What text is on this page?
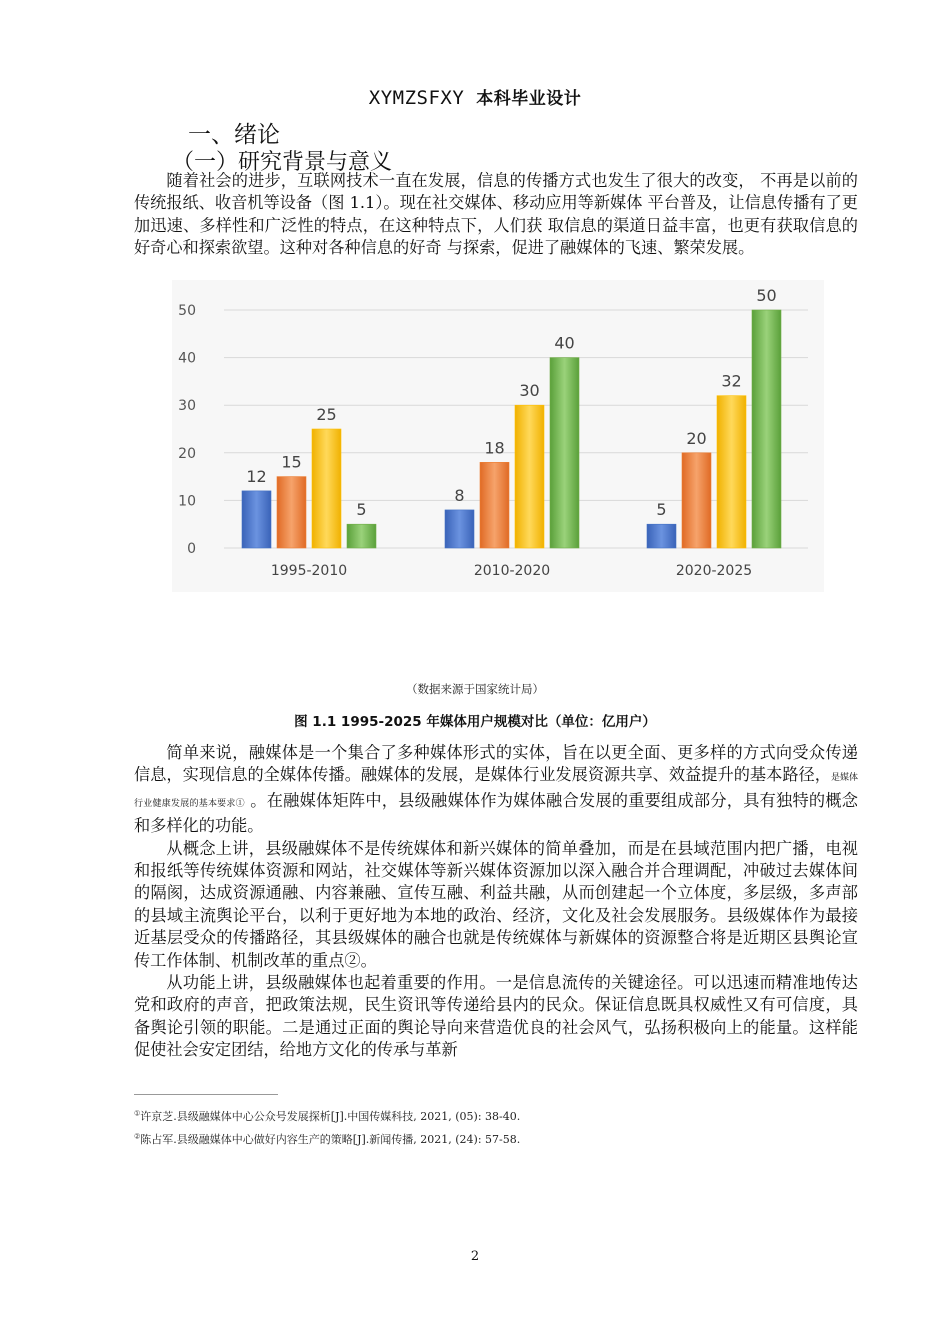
XYMZSFXY 本科毕业设计
一、绪论
（一）研究背景与意义

随着社会的进步，互联网技术一直在发展，信息的传播方式也发生了很大的改变， 不再是以前的传统报纸、收音机等设备（图 1.1）。现在社交媒体、移动应用等新媒体 平台普及，让信息传播有了更加迅速、多样性和广泛性的特点，在这种特点下，人们获 取信息的渠道日益丰富，也更有获取信息的好奇心和探索欲望。这种对各种信息的好奇 与探索，促进了融媒体的飞速、繁荣发展。

0
10
20
30
40
50
12
15
25
5
1995-2010
8
18
30
40
2010-2020
5
20
32
50
2020-2025
（数据来源于国家统计局）
图 1.1 1995-2025 年媒体用户规模对比（单位：亿用户）

简单来说，融媒体是一个集合了多种媒体形式的实体，旨在以更全面、更多样的方式向受众传递信息，实现信息的全媒体传播。融媒体的发展，是媒体行业发展资源共享、效益提升的基本路径，是媒体行业健康发展的基本要求① 。在融媒体矩阵中，县级融媒体作为媒体融合发展的重要组成部分，具有独特的概念和多样化的功能。

从概念上讲，县级融媒体不是传统媒体和新兴媒体的简单叠加，而是在县域范围内把广播，电视和报纸等传统媒体资源和网站，社交媒体等新兴媒体资源加以深入融合并合理调配，冲破过去媒体间的隔阂，达成资源通融、内容兼融、宣传互融、利益共融，从而创建起一个立体度，多层级，多声部的县域主流舆论平台，以利于更好地为本地的政治、经济，文化及社会发展服务。县级媒体作为最接近基层受众的传播路径，其县级媒体的融合也就是传统媒体与新媒体的资源整合将是近期区县舆论宣传工作体制、机制改革的重点②。

从功能上讲，县级融媒体也起着重要的作用。一是信息流传的关键途径。可以迅速而精准地传达党和政府的声音，把政策法规，民生资讯等传递给县内的民众。保证信息既具权威性又有可信度，具备舆论引领的职能。二是通过正面的舆论导向来营造优良的社会风气，弘扬积极向上的能量。这样能促使社会安定团结，给地方文化的传承与革新

①许京芝.县级融媒体中心公众号发展探析[J].中国传媒科技, 2021, (05): 38-40.
②陈占军.县级融媒体中心做好内容生产的策略[J].新闻传播, 2021, (24): 57-58.
2
